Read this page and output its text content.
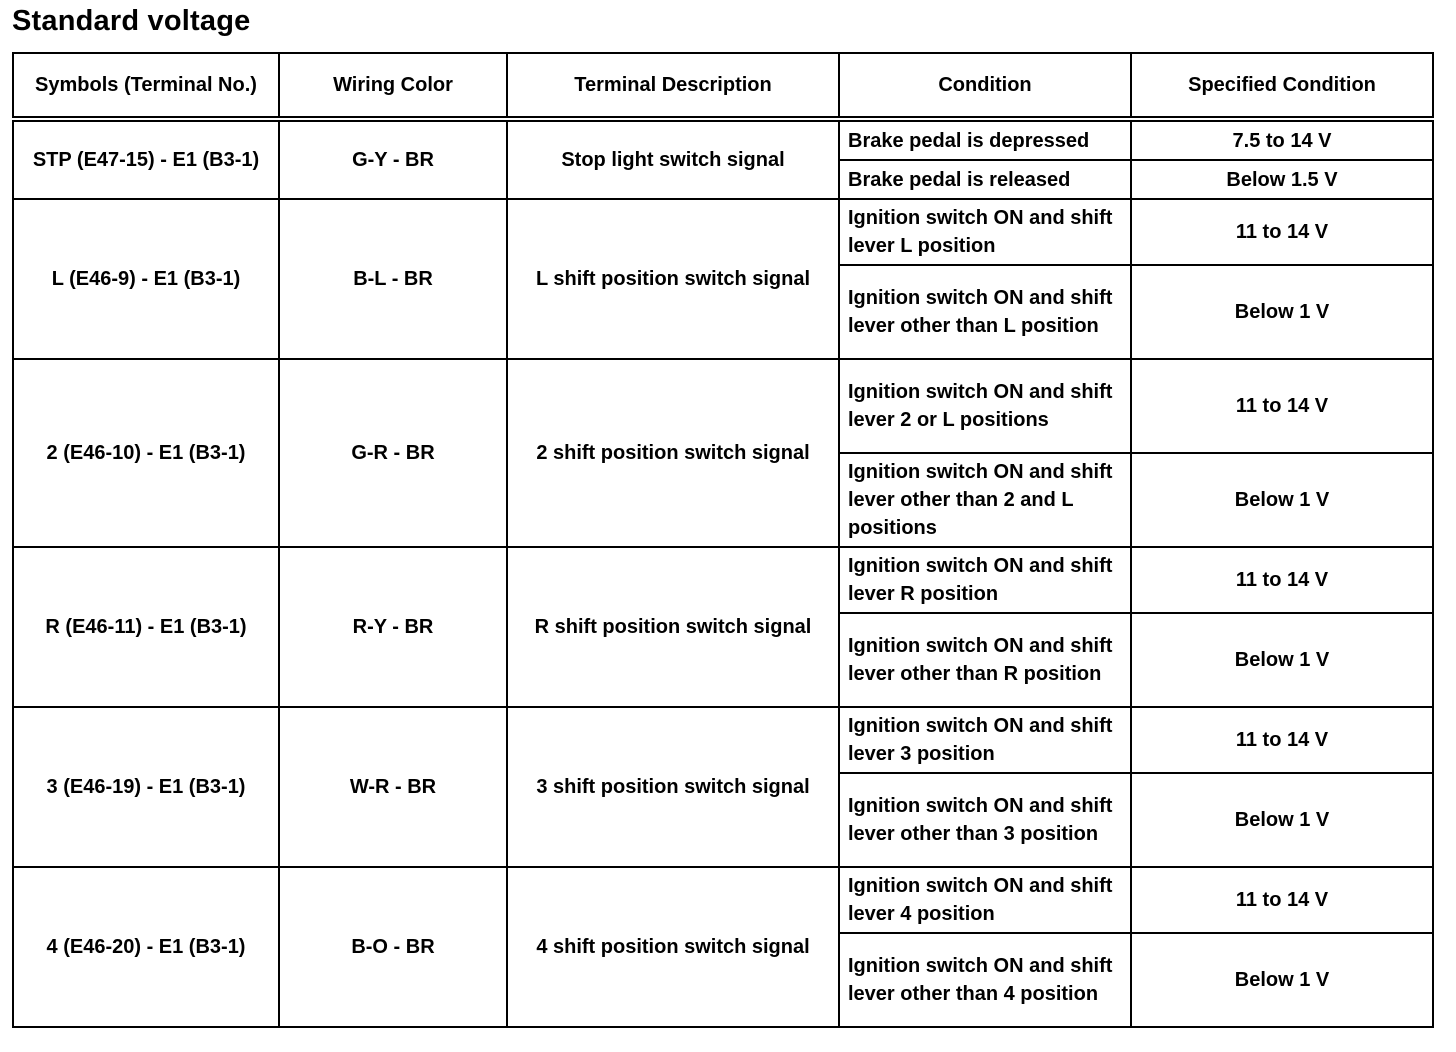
Standard voltage
Symbols (Terminal No.)	Wiring Color	Terminal Description	Condition	Specified Condition
STP (E47-15) - E1 (B3-1)	G-Y - BR	Stop light switch signal	Brake pedal is depressed	7.5 to 14 V
			Brake pedal is released	Below 1.5 V
L (E46-9) - E1 (B3-1)	B-L - BR	L shift position switch signal	Ignition switch ON and shift lever L position	11 to 14 V
			Ignition switch ON and shift lever other than L position	Below 1 V
2 (E46-10) - E1 (B3-1)	G-R - BR	2 shift position switch signal	Ignition switch ON and shift lever 2 or L positions	11 to 14 V
			Ignition switch ON and shift lever other than 2 and L positions	Below 1 V
R (E46-11) - E1 (B3-1)	R-Y - BR	R shift position switch signal	Ignition switch ON and shift lever R position	11 to 14 V
			Ignition switch ON and shift lever other than R position	Below 1 V
3 (E46-19) - E1 (B3-1)	W-R - BR	3 shift position switch signal	Ignition switch ON and shift lever 3 position	11 to 14 V
			Ignition switch ON and shift lever other than 3 position	Below 1 V
4 (E46-20) - E1 (B3-1)	B-O - BR	4 shift position switch signal	Ignition switch ON and shift lever 4 position	11 to 14 V
			Ignition switch ON and shift lever other than 4 position	Below 1 V
